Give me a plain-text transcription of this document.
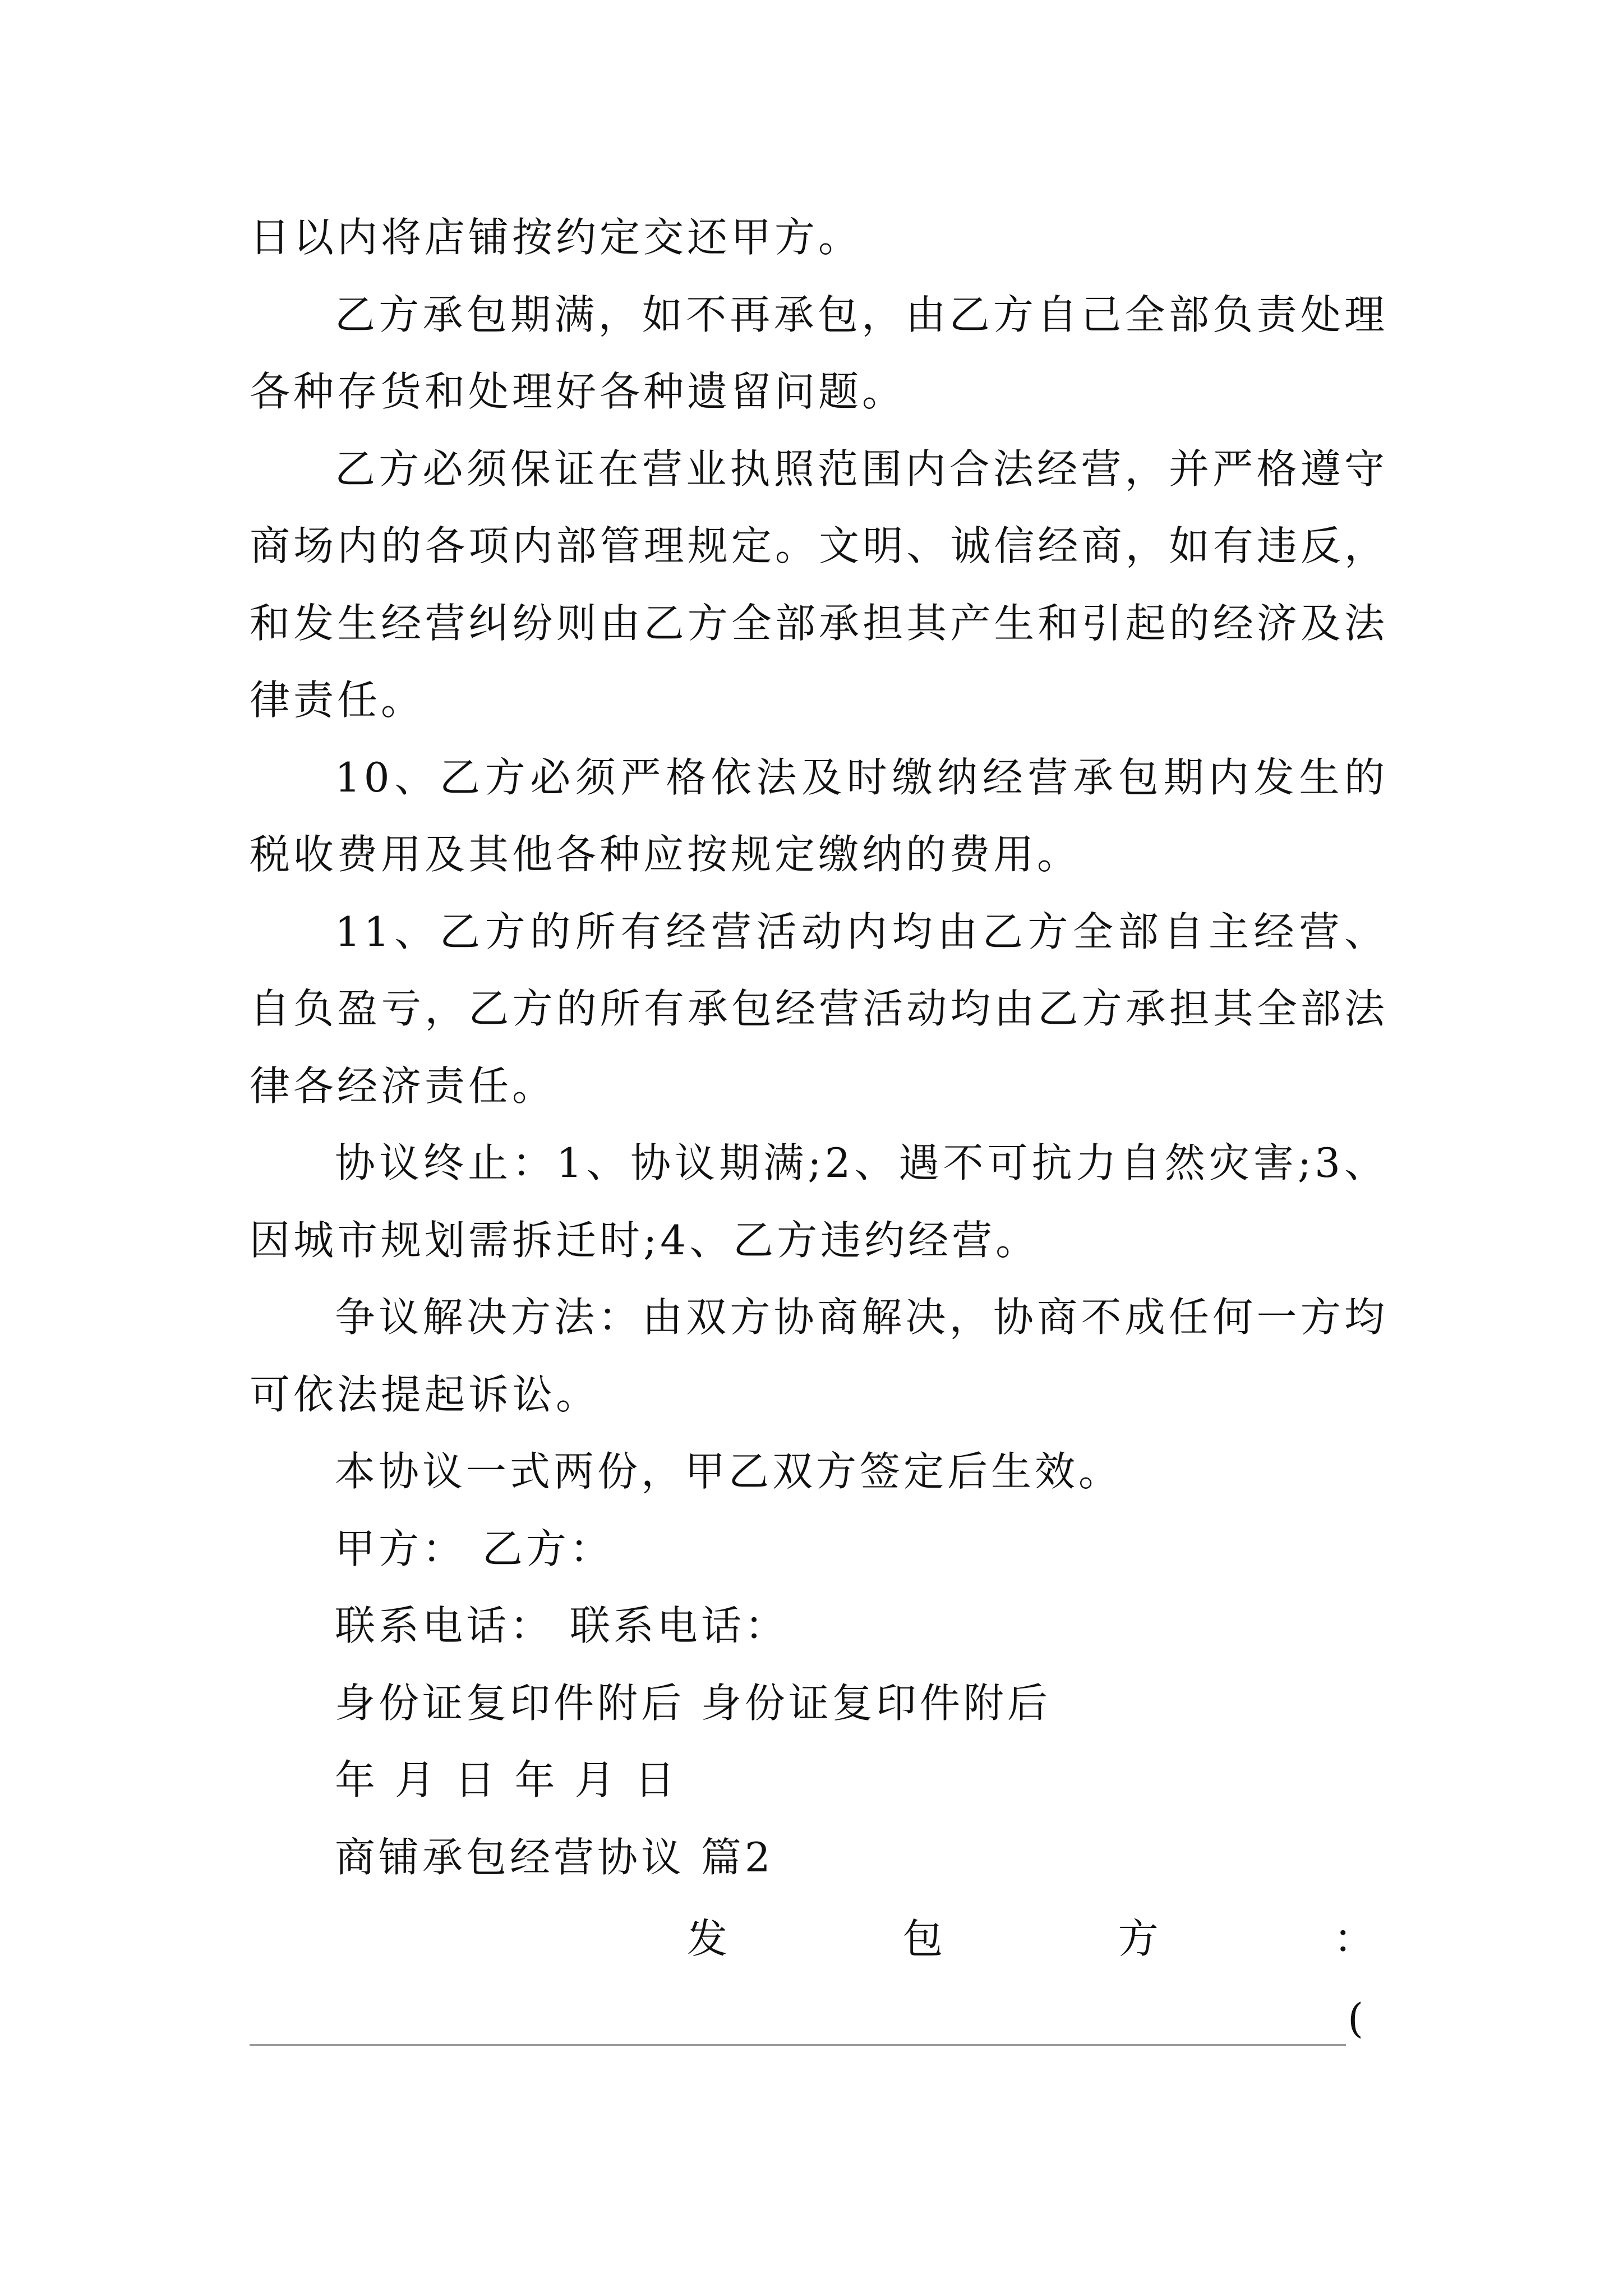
日以内将店铺按约定交还甲方。

乙方承包期满，如不再承包，由乙方自己全部负责处理各种存货和处理好各种遗留问题。

乙方必须保证在营业执照范围内合法经营，并严格遵守商场内的各项内部管理规定。文明、诚信经商，如有违反，和发生经营纠纷则由乙方全部承担其产生和引起的经济及法律责任。

10、乙方必须严格依法及时缴纳经营承包期内发生的税收费用及其他各种应按规定缴纳的费用。

11、乙方的所有经营活动内均由乙方全部自主经营、自负盈亏，乙方的所有承包经营活动均由乙方承担其全部法律各经济责任。

协议终止：1、协议期满;2、遇不可抗力自然灾害;3、因城市规划需拆迁时;4、乙方违约经营。

争议解决方法：由双方协商解决，协商不成任何一方均可依法提起诉讼。

本协议一式两份，甲乙双方签定后生效。

甲方： 乙方：

联系电话： 联系电话：

身份证复印件附后 身份证复印件附后

年 月 日 年 月 日

商铺承包经营协议 篇2

发	包	方	：
(
